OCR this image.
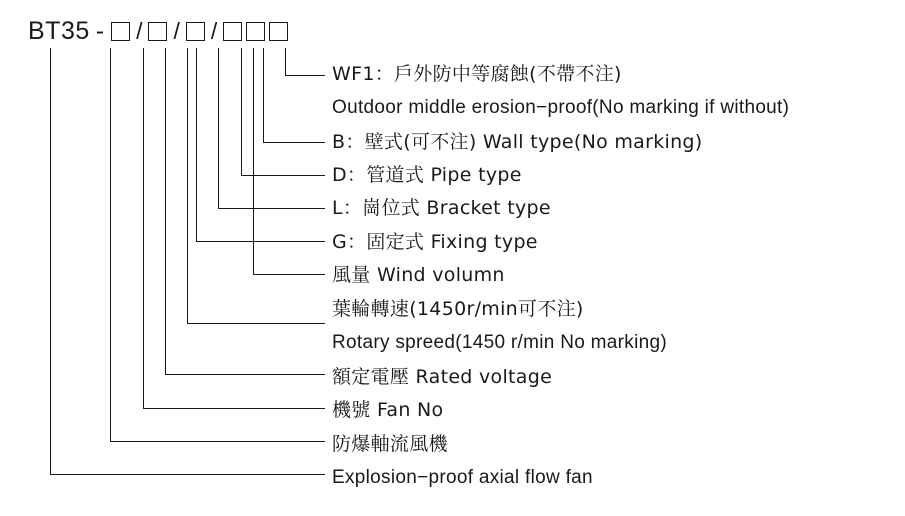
BT35 - / / /
WF1：戶外防中等腐蝕(不帶不注)
Outdoor middle erosion−proof(No marking if without)
B：壁式(可不注) Wall type(No marking)
D：管道式 Pipe type
L：崗位式 Bracket type
G：固定式 Fixing type
風量 Wind volumn
葉輪轉速(1450r/min可不注)
Rotary spreed(1450 r/min No marking)
額定電壓 Rated voltage
機號 Fan No
防爆軸流風機
Explosion−proof axial flow fan
